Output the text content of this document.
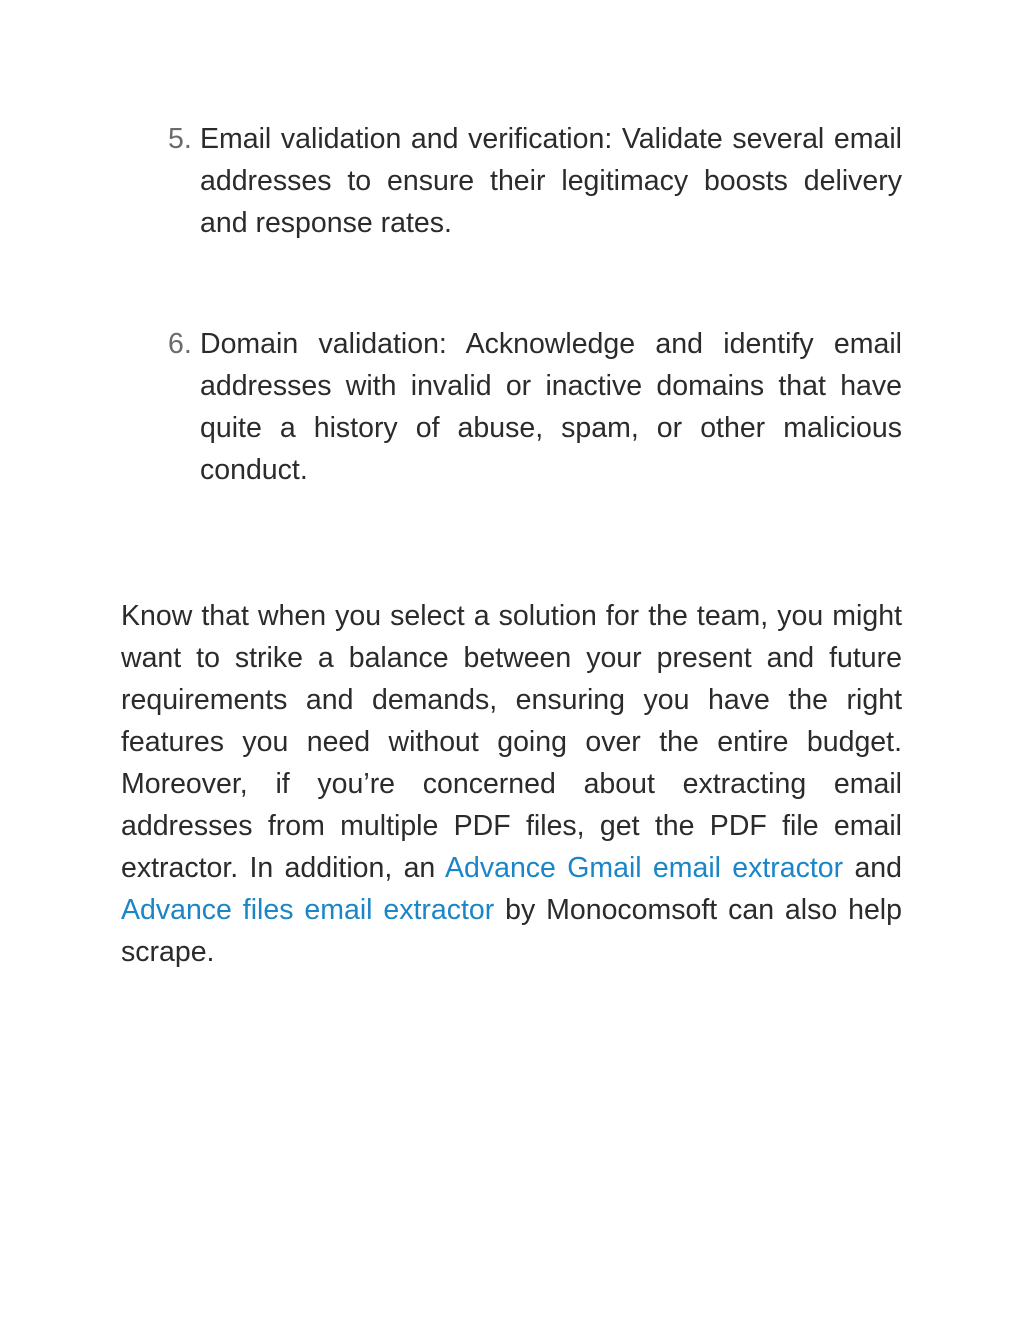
5. Email validation and verification: Validate several email addresses to ensure their legitimacy boosts delivery and response rates.
6. Domain validation: Acknowledge and identify email addresses with invalid or inactive domains that have quite a history of abuse, spam, or other malicious conduct.

Know that when you select a solution for the team, you might want to strike a balance between your present and future requirements and demands, ensuring you have the right features you need without going over the entire budget. Moreover, if you’re concerned about extracting email addresses from multiple PDF files, get the PDF file email extractor. In addition, an Advance Gmail email extractor and Advance files email extractor by Monocomsoft can also help scrape.
